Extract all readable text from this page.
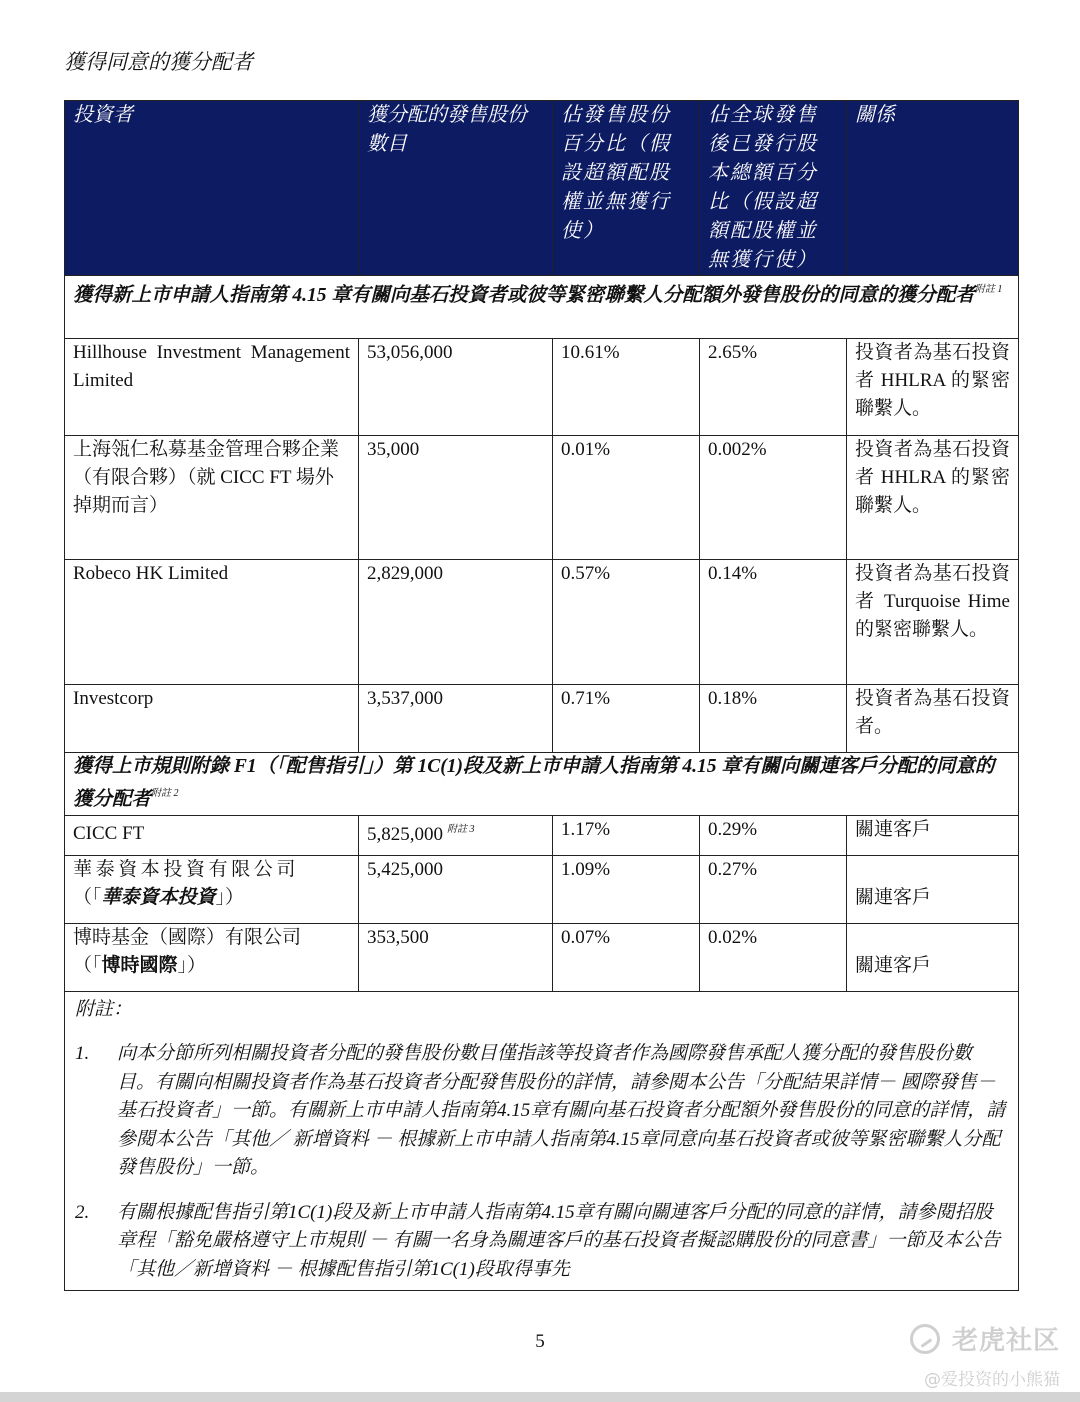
獲得同意的獲分配者
投資者	獲分配的發售股份數目	佔發售股份百分比（假設超額配股權並無獲行使）	佔全球發售後已發行股本總額百分比（假設超額配股權並無獲行使）	關係
獲得新上市申請人指南第 4.15 章有關向基石投資者或彼等緊密聯繫人分配額外發售股份的同意的獲分配者$^{附註 1}$
Hillhouse Investment Management Limited	53,056,000	10.61%	2.65%	投資者為基石投資者 HHLRA 的緊密聯繫人。
上海瓴仁私募基金管理合夥企業（有限合夥）（就 CICC FT 場外掉期而言）	35,000	0.01%	0.002%	投資者為基石投資者 HHLRA 的緊密聯繫人。
Robeco HK Limited	2,829,000	0.57%	0.14%	投資者為基石投資者 Turquoise Hime 的緊密聯繫人。
Investcorp	3,537,000	0.71%	0.18%	投資者為基石投資者。
獲得上市規則附錄 F1（「配售指引」）第 1C(1)段及新上市申請人指南第 4.15 章有關向關連客戶分配的同意的獲分配者$^{附註 2}$
CICC FT	5,825,000 $^{附註 3}$	1.17%	0.29%	關連客戶
華泰資本投資有限公司
（「華泰資本投資」）	5,425,000	1.09%	0.27%	關連客戶
博時基金（國際）有限公司
（「博時國際」）	353,500	0.07%	0.02%	關連客戶

附註：
1. 向本分節所列相關投資者分配的發售股份數目僅指該等投資者作為國際發售承配人獲分配的發售股份數目。有關向相關投資者作為基石投資者分配發售股份的詳情，請參閱本公告「分配結果詳情－ 國際發售－ 基石投資者」一節。有關新上市申請人指南第4.15章有關向基石投資者分配額外發售股份的同意的詳情，請參閱本公告「其他／ 新增資料 － 根據新上市申請人指南第4.15章同意向基石投資者或彼等緊密聯繫人分配發售股份」一節。
2. 有關根據配售指引第1C(1)段及新上市申請人指南第4.15章有關向關連客戶分配的同意的詳情，請參閱招股章程「豁免嚴格遵守上市規則 － 有關一名身為關連客戶的基石投資者擬認購股份的同意書」一節及本公告「其他／新增資料 － 根據配售指引第1C(1)段取得事先				
5	老虎社区
@爱投资的小熊猫
